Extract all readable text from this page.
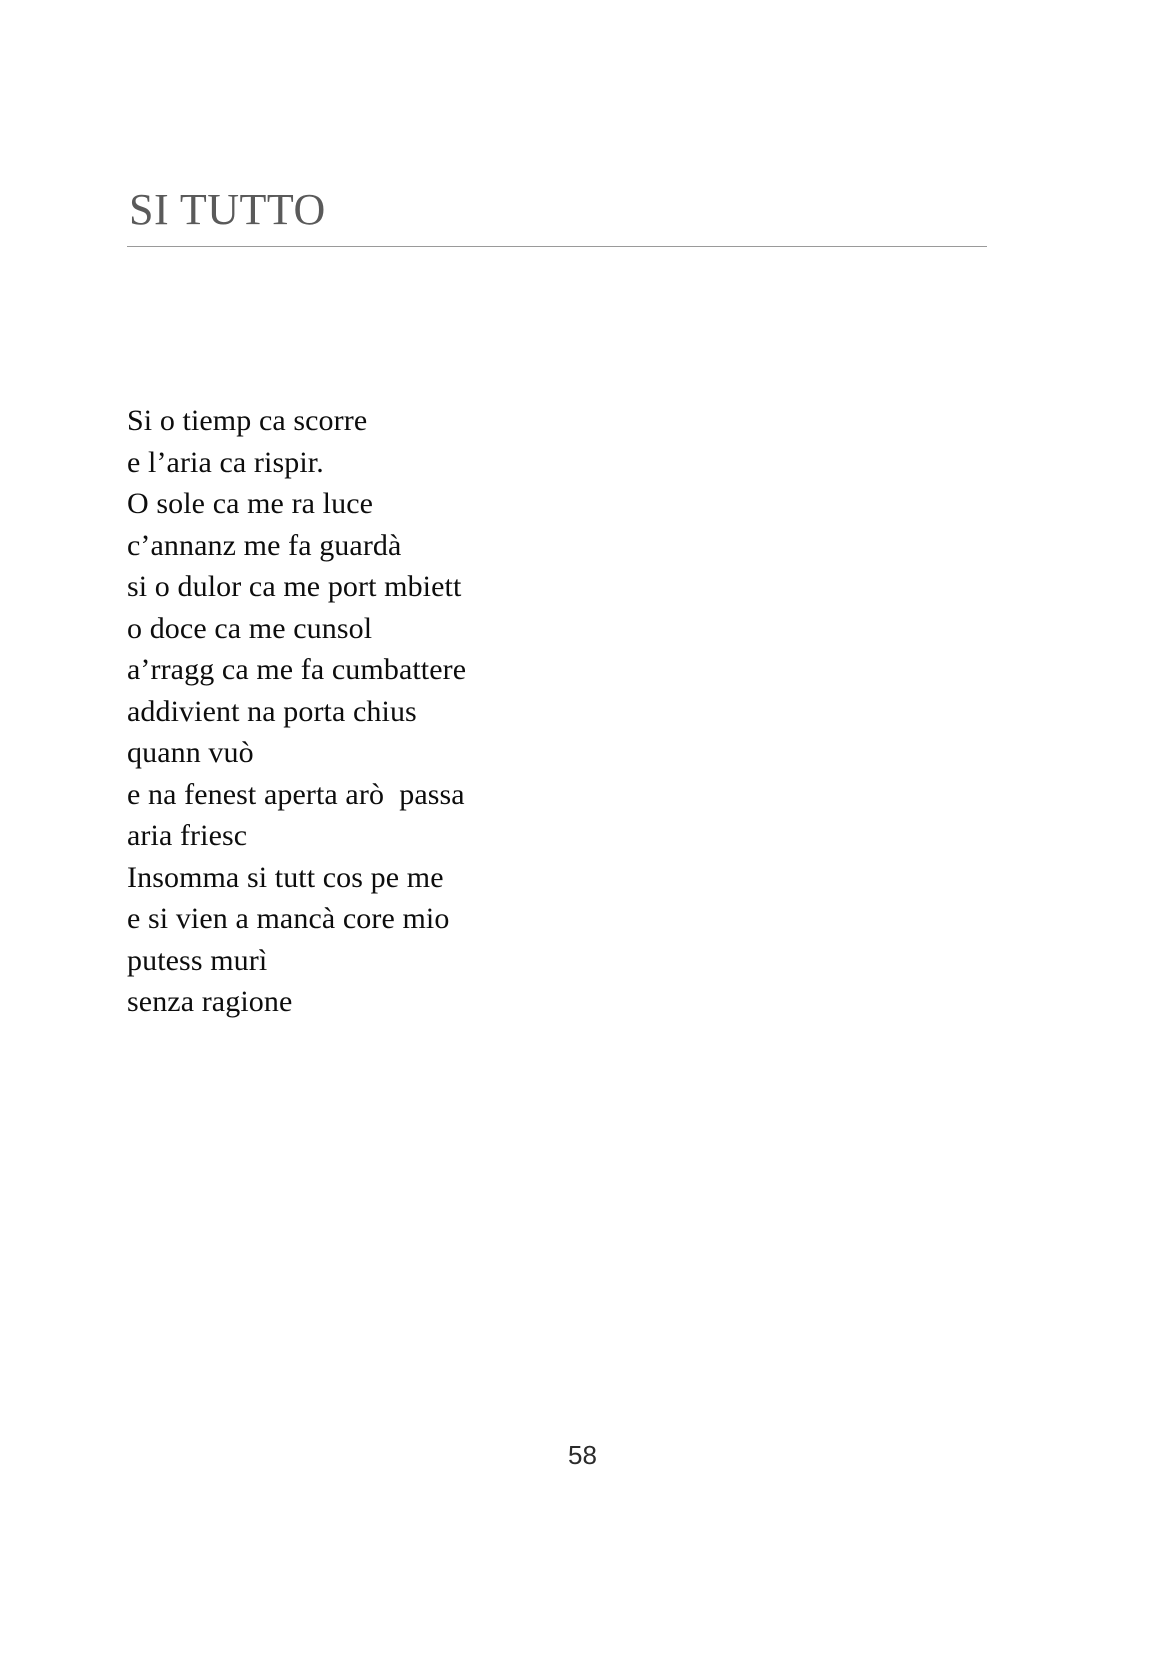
SI TUTTO
Si o tiemp ca scorre
e l’aria ca rispir.
O sole ca me ra luce
c’annanz me fa guardà
si o dulor ca me port mbiett
o doce ca me cunsol
a’rragg ca me fa cumbattere
addivient na porta chius
quann vuò
e na fenest aperta arò  passa
aria friesc
Insomma si tutt cos pe me
e si vien a mancà core mio
putess murì
senza ragione
58
